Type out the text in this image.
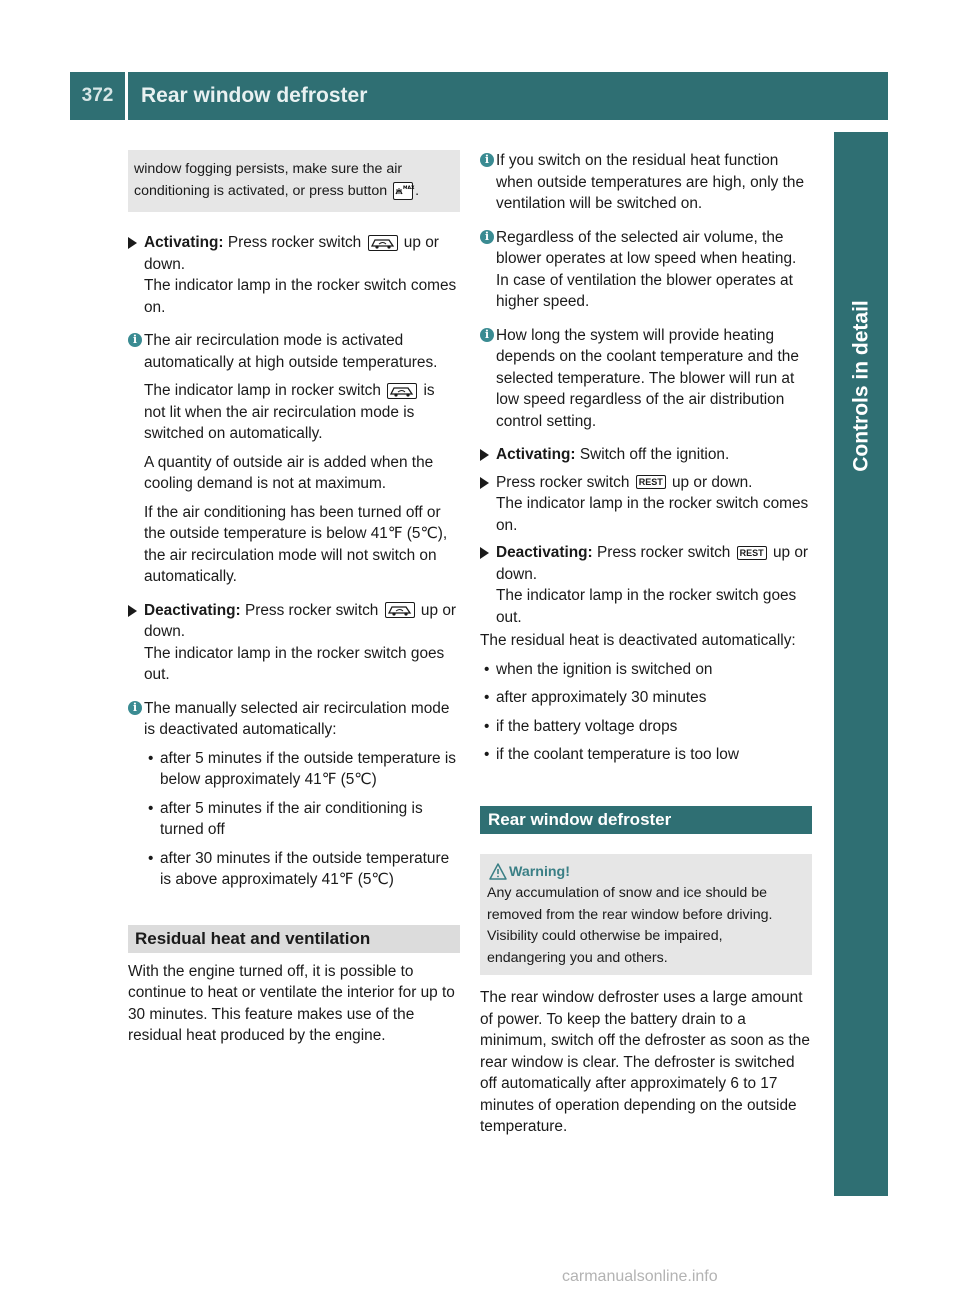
372	Rear window defroster
Controls in detail
window fogging persists, make sure the air conditioning is activated, or press button	MAX .
Activating: Press rocker switch	up or down.

The indicator lamp in the rocker switch comes on.

i The air recirculation mode is activated automatically at high outside temperatures.

The indicator lamp in rocker switch	is not lit when the air recirculation mode is switched on automatically.

A quantity of outside air is added when the cooling demand is not at maximum.

If the air conditioning has been turned off or the outside temperature is below 41℉ (5℃), the air recirculation mode will not switch on automatically.

Deactivating: Press rocker switch	up or down.

The indicator lamp in the rocker switch goes out.

i The manually selected air recirculation mode is deactivated automatically:

• after 5 minutes if the outside temperature is below approximately 41℉ (5℃)
• after 5 minutes if the air conditioning is turned off
• after 30 minutes if the outside temperature is above approximately 41℉ (5℃)
Residual heat and ventilation

With the engine turned off, it is possible to continue to heat or ventilate the interior for up to 30 minutes. This feature makes use of the residual heat produced by the engine.

i If you switch on the residual heat function when outside temperatures are high, only the ventilation will be switched on.

i Regardless of the selected air volume, the blower operates at low speed when heating. In case of ventilation the blower operates at higher speed.

i How long the system will provide heating depends on the coolant temperature and the selected temperature. The blower will run at low speed regardless of the air distribution control setting.

Activating: Switch off the ignition.
Press rocker switch REST up or down.

The indicator lamp in the rocker switch comes on.

Deactivating: Press rocker switch REST up or down.

The indicator lamp in the rocker switch goes out.

The residual heat is deactivated automatically:

• when the ignition is switched on
• after approximately 30 minutes
• if the battery voltage drops
• if the coolant temperature is too low
Rear window defroster
Warning!

Any accumulation of snow and ice should be removed from the rear window before driving. Visibility could otherwise be impaired, endangering you and others.

The rear window defroster uses a large amount of power. To keep the battery drain to a minimum, switch off the defroster as soon as the rear window is clear. The defroster is switched off automatically after approximately 6 to 17 minutes of operation depending on the outside temperature.

carmanualsonline.info
